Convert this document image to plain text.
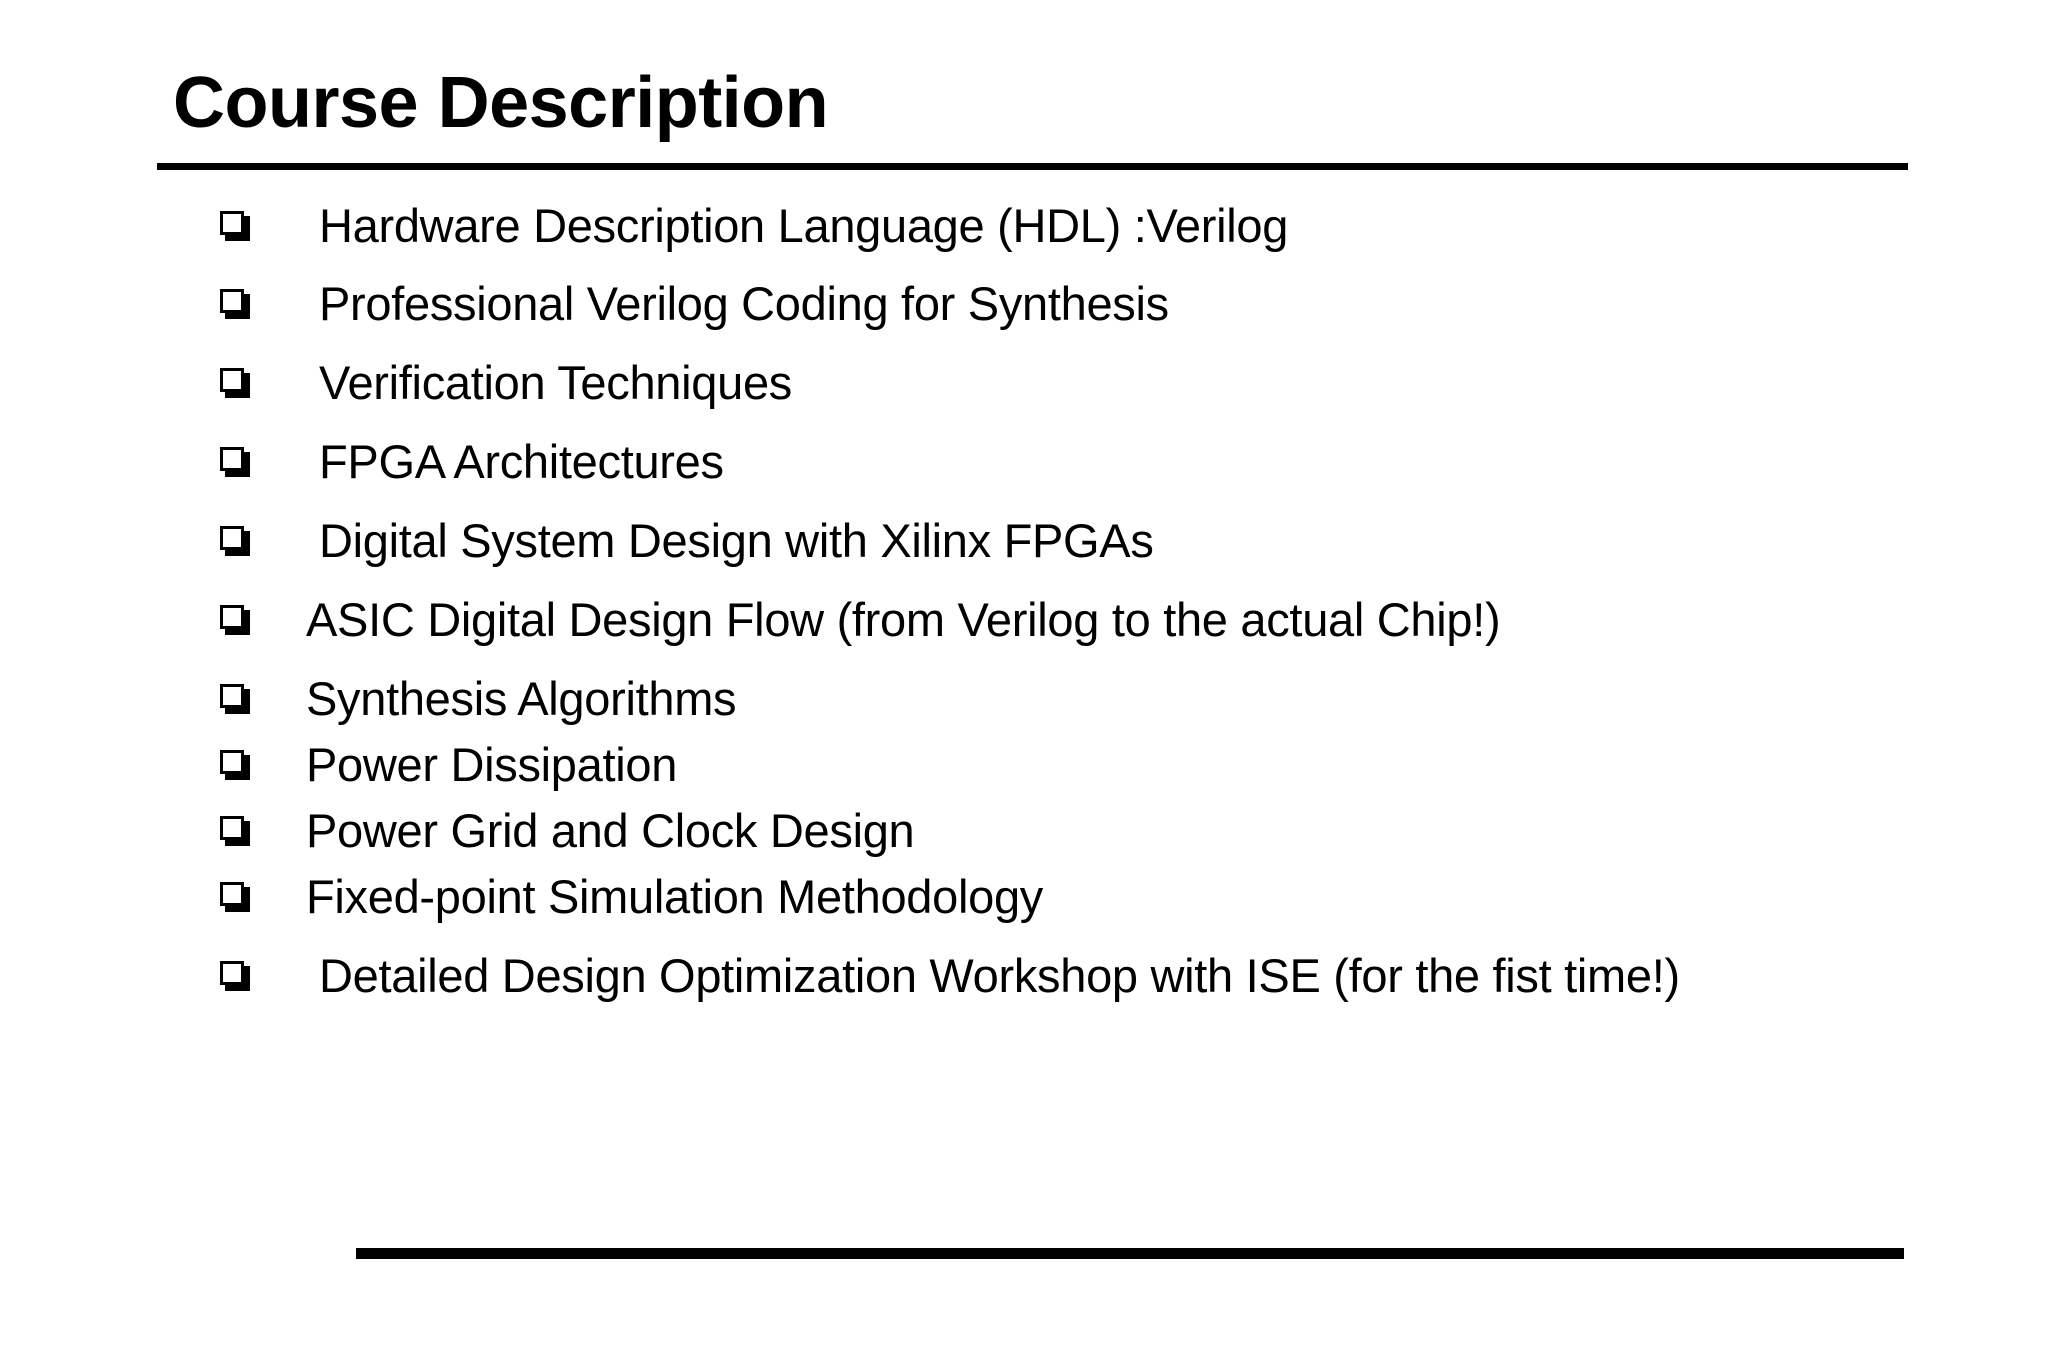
Course Description
Hardware Description Language (HDL) :Verilog
Professional Verilog Coding for Synthesis
Verification Techniques
FPGA Architectures
Digital System Design with Xilinx FPGAs
ASIC Digital Design Flow (from Verilog to the actual Chip!)
Synthesis Algorithms
Power Dissipation
Power Grid and Clock Design
Fixed-point Simulation Methodology
Detailed Design Optimization Workshop with ISE (for the fist time!)
